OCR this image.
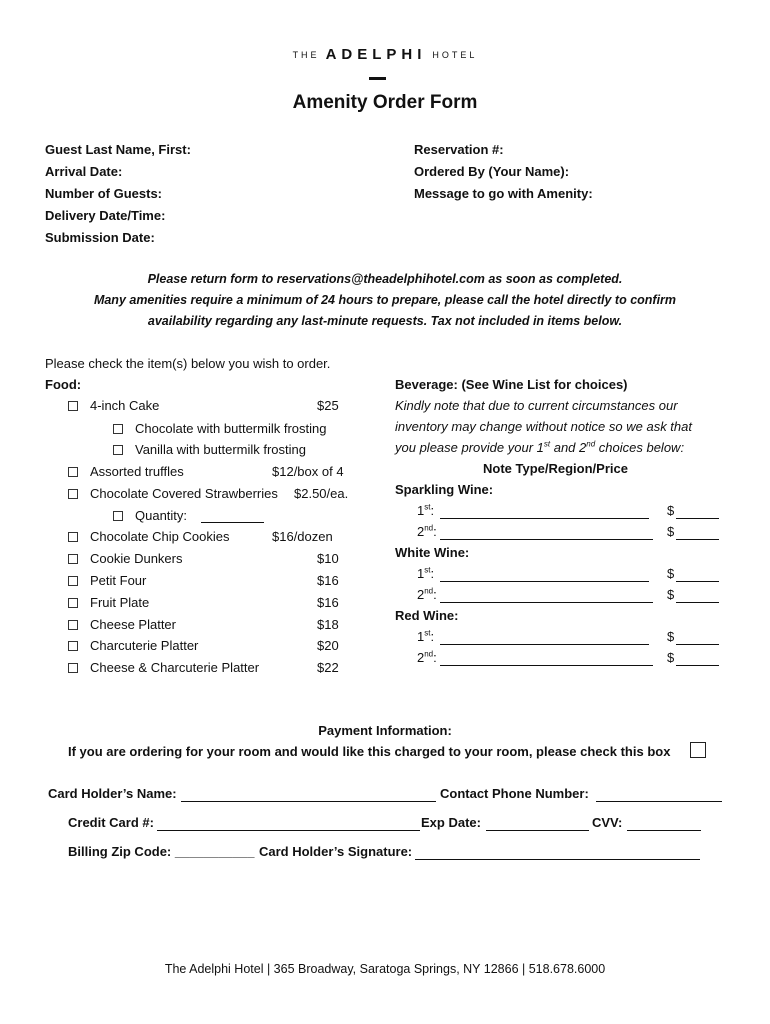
THE ADELPHI HOTEL
Amenity Order Form
Guest Last Name, First:
Arrival Date:
Number of Guests:
Delivery Date/Time:
Submission Date:
Reservation #:
Ordered By (Your Name):
Message to go with Amenity:
Please return form to reservations@theadelphihotel.com as soon as completed.
Many amenities require a minimum of 24 hours to prepare, please call the hotel directly to confirm
availability regarding any last-minute requests. Tax not included in items below.
Please check the item(s) below you wish to order.
Food:
4-inch Cake	$25
Chocolate with buttermilk frosting
Vanilla with buttermilk frosting
Assorted truffles	$12/box of 4
Chocolate Covered Strawberries $2.50/ea.
Quantity:
Chocolate Chip Cookies	$16/dozen
Cookie Dunkers	$10
Petit Four	$16
Fruit Plate	$16
Cheese Platter	$18
Charcuterie Platter	$20
Cheese & Charcuterie Platter	$22
Beverage: (See Wine List for choices)
Kindly note that due to current circumstances our
inventory may change without notice so we ask that
you please provide your 1st and 2nd choices below:
Note Type/Region/Price
Sparkling Wine:
1st:	$
2nd:	$
White Wine:
1st:	$
2nd:	$
Red Wine:
1st:	$
2nd:	$
Payment Information:
If you are ordering for your room and would like this charged to your room, please check this box
Card Holder’s Name:	Contact Phone Number:
Credit Card #:	Exp Date:	CVV:
Billing Zip Code: ___________ Card Holder’s Signature:
The Adelphi Hotel | 365 Broadway, Saratoga Springs, NY 12866 | 518.678.6000
